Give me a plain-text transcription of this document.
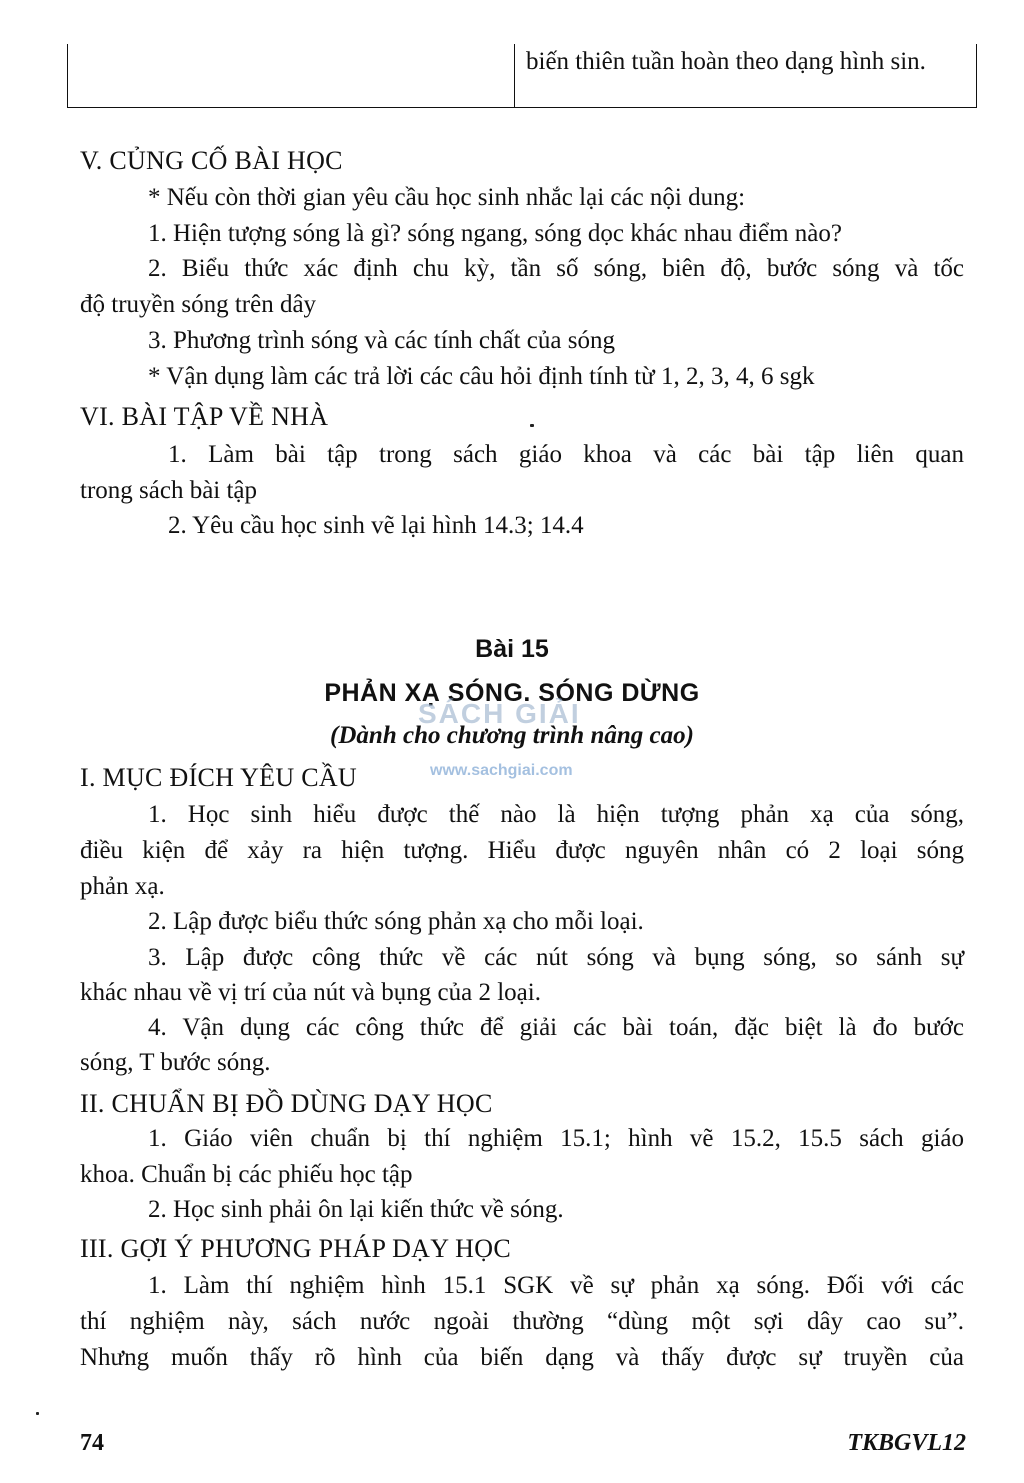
biến thiên tuần hoàn theo dạng hình sin.
V. CỦNG CỐ BÀI HỌC
* Nếu còn thời gian yêu cầu học sinh nhắc lại các nội dung:
1. Hiện tượng sóng là gì? sóng ngang, sóng dọc khác nhau điểm nào?
2. Biểu thức xác định chu kỳ, tần số sóng, biên độ, bước sóng và tốc
độ truyền sóng trên dây
3. Phương trình sóng và các tính chất của sóng
* Vận dụng làm các trả lời các câu hỏi định tính từ 1, 2, 3, 4, 6 sgk
VI. BÀI TẬP VỀ NHÀ
1. Làm bài tập trong sách giáo khoa và các bài tập liên quan
trong sách bài tập
2. Yêu cầu học sinh vẽ lại hình 14.3; 14.4
Bài 15
PHẢN XẠ SÓNG. SÓNG DỪNG
(Dành cho chương trình nâng cao)
SÁCH GIẢI
www.sachgiai.com
I. MỤC ĐÍCH YÊU CẦU
1. Học sinh hiểu được thế nào là hiện tượng phản xạ của sóng,
điều kiện để xảy ra hiện tượng. Hiểu được nguyên nhân có 2 loại sóng
phản xạ.
2. Lập được biểu thức sóng phản xạ cho mỗi loại.
3. Lập được công thức về các nút sóng và bụng sóng, so sánh sự
khác nhau về vị trí của nút và bụng của 2 loại.
4. Vận dụng các công thức để giải các bài toán, đặc biệt là đo bước
sóng, T bước sóng.
II. CHUẨN BỊ ĐỒ DÙNG DẠY HỌC
1. Giáo viên chuẩn bị thí nghiệm 15.1; hình vẽ 15.2, 15.5 sách giáo
khoa. Chuẩn bị các phiếu học tập
2. Học sinh phải ôn lại kiến thức về sóng.
III. GỢI Ý PHƯƠNG PHÁP DẠY HỌC
1. Làm thí nghiệm hình 15.1 SGK về sự phản xạ sóng. Đối với các
thí nghiệm này, sách nước ngoài thường “dùng một sợi dây cao su”.
Nhưng muốn thấy rõ hình của biến dạng và thấy được sự truyền của
74	TKBGVL12
